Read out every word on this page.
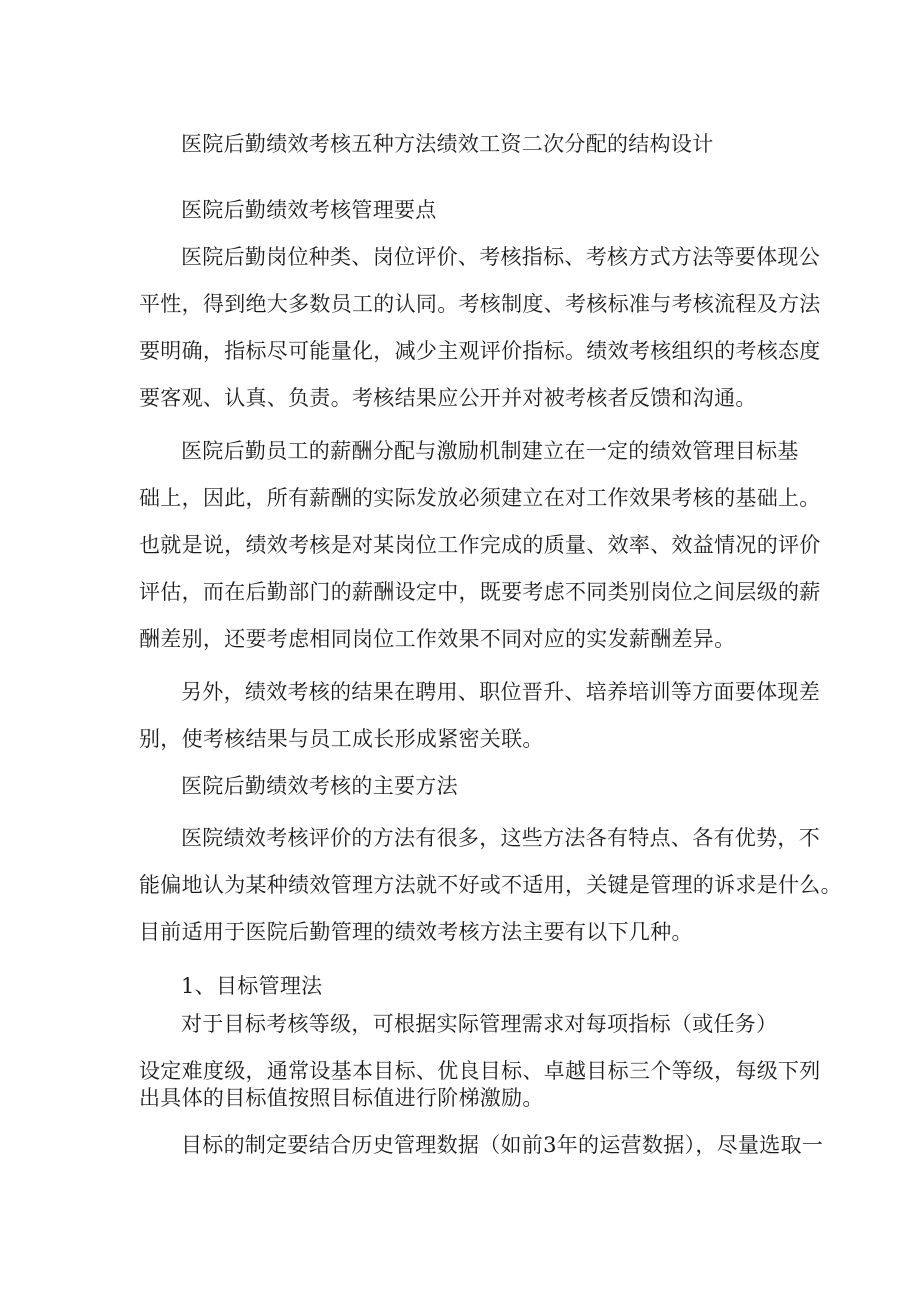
医院后勤绩效考核五种方法绩效工资二次分配的结构设计
医院后勤绩效考核管理要点
医院后勤岗位种类、岗位评价、考核指标、考核方式方法等要体现公
平性，得到绝大多数员工的认同。考核制度、考核标准与考核流程及方法
要明确，指标尽可能量化，减少主观评价指标。绩效考核组织的考核态度
要客观、认真、负责。考核结果应公开并对被考核者反馈和沟通。
医院后勤员工的薪酬分配与激励机制建立在一定的绩效管理目标基
础上，因此，所有薪酬的实际发放必须建立在对工作效果考核的基础上。
也就是说，绩效考核是对某岗位工作完成的质量、效率、效益情况的评价
评估，而在后勤部门的薪酬设定中，既要考虑不同类别岗位之间层级的薪
酬差别，还要考虑相同岗位工作效果不同对应的实发薪酬差异。
另外，绩效考核的结果在聘用、职位晋升、培养培训等方面要体现差
别，使考核结果与员工成长形成紧密关联。
医院后勤绩效考核的主要方法
医院绩效考核评价的方法有很多，这些方法各有特点、各有优势，不
能偏地认为某种绩效管理方法就不好或不适用，关键是管理的诉求是什么。
目前适用于医院后勤管理的绩效考核方法主要有以下几种。
1、目标管理法
对于目标考核等级，可根据实际管理需求对每项指标（或任务）
设定难度级，通常设基本目标、优良目标、卓越目标三个等级，每级下列
出具体的目标值按照目标值进行阶梯激励。
目标的制定要结合历史管理数据（如前3年的运营数据），尽量选取一
